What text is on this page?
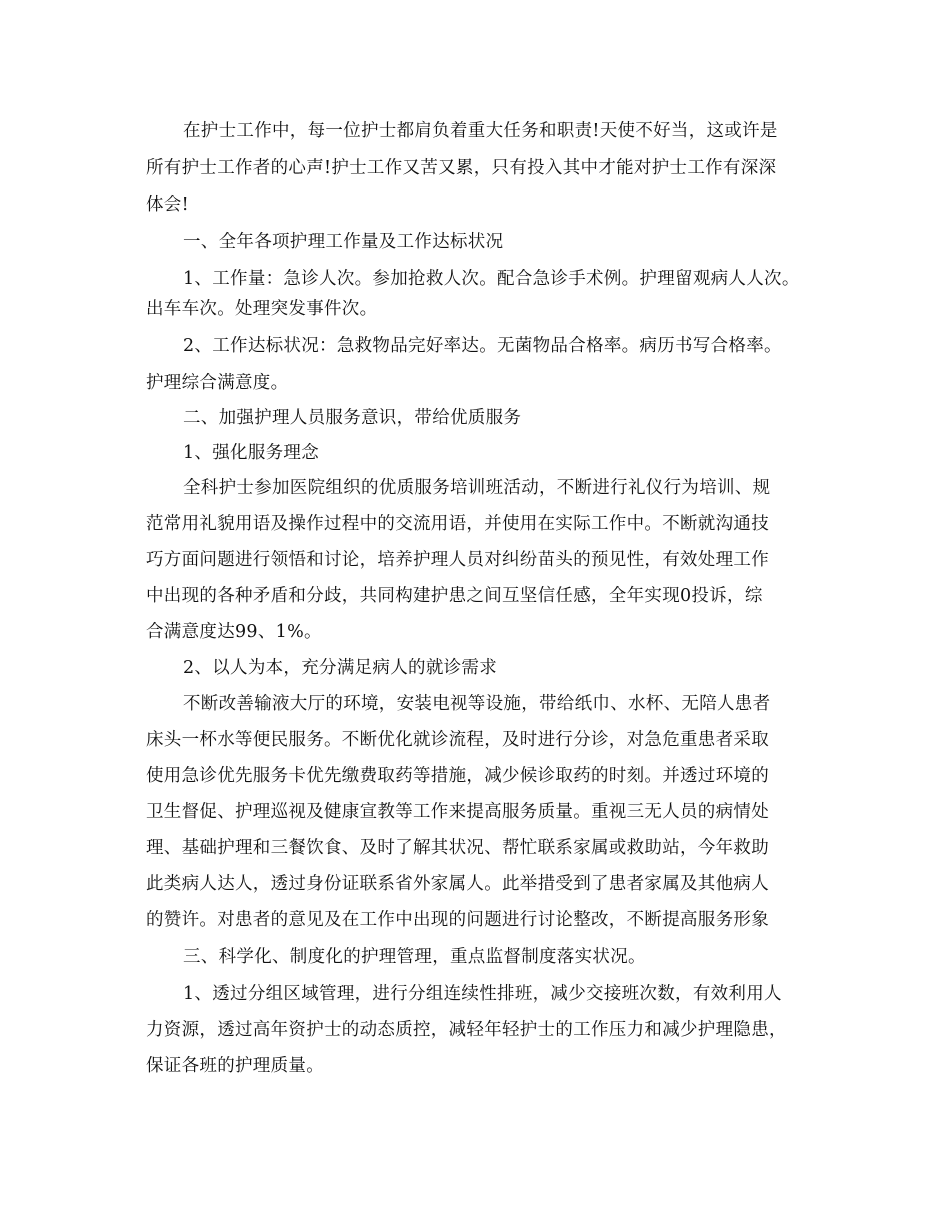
在护士工作中，每一位护士都肩负着重大任务和职责!天使不好当，这或许是
所有护士工作者的心声!护士工作又苦又累，只有投入其中才能对护士工作有深深
体会!
一、全年各项护理工作量及工作达标状况
1、工作量：急诊人次。参加抢救人次。配合急诊手术例。护理留观病人人次。
出车车次。处理突发事件次。
2、工作达标状况：急救物品完好率达。无菌物品合格率。病历书写合格率。
护理综合满意度。
二、加强护理人员服务意识，带给优质服务
1、强化服务理念
全科护士参加医院组织的优质服务培训班活动，不断进行礼仪行为培训、规
范常用礼貌用语及操作过程中的交流用语，并使用在实际工作中。不断就沟通技
巧方面问题进行领悟和讨论，培养护理人员对纠纷苗头的预见性，有效处理工作
中出现的各种矛盾和分歧，共同构建护患之间互坚信任感，全年实现0投诉，综
合满意度达99、1%。
2、以人为本，充分满足病人的就诊需求
不断改善输液大厅的环境，安装电视等设施，带给纸巾、水杯、无陪人患者
床头一杯水等便民服务。不断优化就诊流程，及时进行分诊，对急危重患者采取
使用急诊优先服务卡优先缴费取药等措施，减少候诊取药的时刻。并透过环境的
卫生督促、护理巡视及健康宣教等工作来提高服务质量。重视三无人员的病情处
理、基础护理和三餐饮食、及时了解其状况、帮忙联系家属或救助站，今年救助
此类病人达人，透过身份证联系省外家属人。此举措受到了患者家属及其他病人
的赞许。对患者的意见及在工作中出现的问题进行讨论整改，不断提高服务形象
三、科学化、制度化的护理管理，重点监督制度落实状况。
1、透过分组区域管理，进行分组连续性排班，减少交接班次数，有效利用人
力资源，透过高年资护士的动态质控，减轻年轻护士的工作压力和减少护理隐患，
保证各班的护理质量。
